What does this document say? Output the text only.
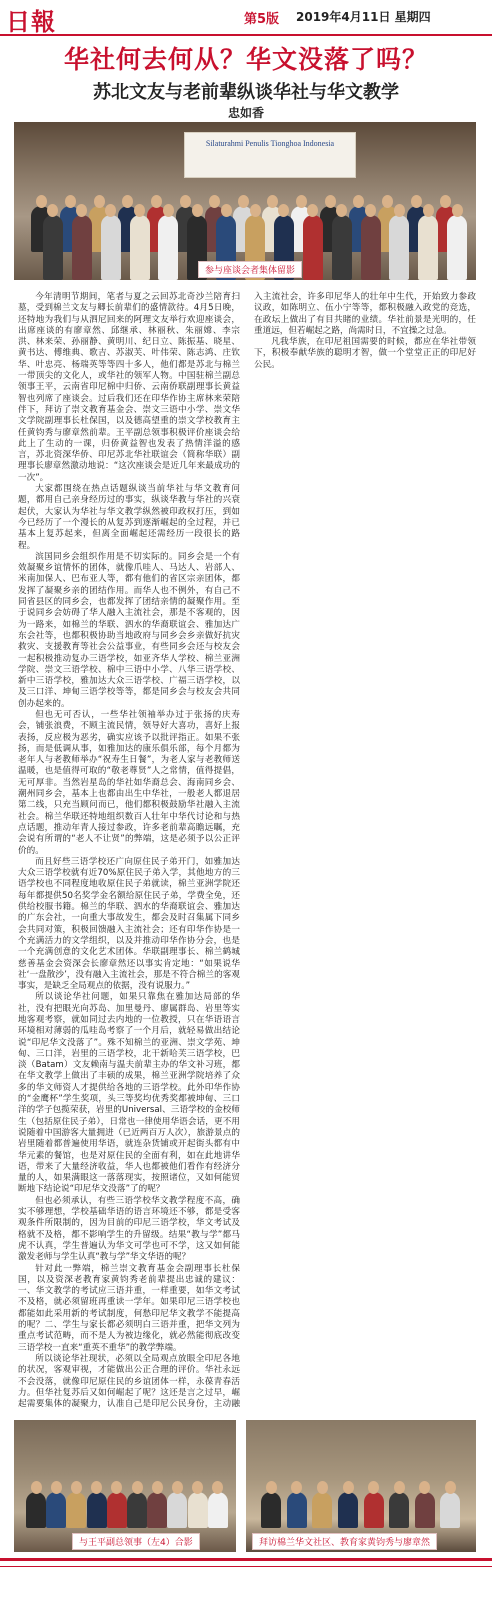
日報	第5版 2019年4月11日 星期四
华社何去何从？华文没落了吗？
苏北文友与老前辈纵谈华社与华文教学
忠如香
Silaturahmi Penulis Tionghoa Indonesia
参与座谈会者集体留影

今年清明节期间，笔者与夏之云回苏北奇沙兰陪育扫墓，受到棉兰文友与卿长前辈们的盛情款待。4月5日晚，还特地为我们与从泗尼回来的阿理文友举行欢迎座谈会，出席座谈的有廖章然、邱继承、林丽秋、朱丽嫦、李宗洪、林来荣、孙丽静、黄明川、纪日立、陈振基、晓星、黄书达、傅维典、歌吉、苏淑芙、叶伟荣、陈志鸿、庄钦华、叶忠亮、杨瑞英等等四十多人，他们都是苏北与棉兰一带顶尖的文化人，或华社的领军人物。中国驻棉兰副总领事王平，云南省印尼棉中归侨、云南侨联副理事长黄益智也列席了座谈会。过后我们还在印华作协主席林来荣陪伴下，拜访了崇文教育基金会、崇文三语中小学、崇文华文学院副理事长杜保国，以及德高望重的崇文学校教育主任黄钧秀与廖章然前辈。王平副总领事积极评价座谈会给此上了生动的一课，归侨黄益智也发表了热情洋溢的感言，苏北资深华侨、印尼苏北华社联谊会（简称华联）副理事长廖章然激动地说：“这次座谈会是近几年来最成功的一次”。

大家都围绕在热点话题纵谈当前华社与华文教育问题，都用自己亲身经历过的事实，纵谈华教与华社的兴衰起伏，大家认为华社与华文教学纵然被印政权打压，到如今已经历了一个漫长的从复苏到逐渐崛起的全过程，并已基本上复苏起来，但离全面崛起还需经历一段很长的路程。

滨国同乡会组织作用是不切实际的。同乡会是一个有效凝聚乡谊情怀的团体，就像爪哇人、马达人、岩部人、米南加保人、巴布亚人等，都有他们的省区宗亲团体，都发挥了凝聚乡亲的团结作用。而华人也不例外，有自己不同省县区的同乡会，也都发挥了团结亲情的凝聚作用。至于说同乡会妨碍了华人融入主流社会，那是不客观的，因为一路来，如棉兰的华联、泗水的华裔联谊会、雅加达广东会社等，也都积极协助当地政府与同乡会乡亲做好抗灾救灾、支援教育等社会公益事业，有些同乡会还与校友会一起积极推动复办三语学校，如亚齐华人学校、棉兰亚洲学院、崇文三语学校、棉中三语中小学、八华三语学校、新中三语学校，雅加达大众三语学校、广福三语学校，以及三口洋、坤甸三语学校等等，都是同乡会与校友会共同创办起来的。

但也无可否认，一些华社领袖举办过于张扬的庆寿会，铺张浪费，不顾主流民情，领导好大喜功，喜好上报表扬，反应极为恶劣，确实应该予以批评指正。如果不张扬，而是低调从事，如雅加达的康乐俱乐部，每个月都为老年人与老教师举办“祝寿生日餐”，为老人家与老教师送温暖，也是值得可取的“敬老尊贤”人之常情，值得提倡，无可厚非。当然岩星岛的华社如华裔总会、海南同乡会、潮州同乡会，基本上也都由出生中华社，一般老人都退居第二线，只充当顾问而已，他们都积极鼓励华社融入主流社会。棉兰华联还特地组织数百人壮年中华代讨论和与热点话题，推动年青人接过参政，许多老前辈高瞻远瞩，充会说有所谓的“老人不让贤”的弊端，这是必须予以公正评价的。

而且好些三语学校还广向原住民子弟开门，如雅加达大众三语学校就有近70%原住民子弟入学，其他地方的三语学校也不同程度地收原住民子弟就读，棉兰亚洲学院还每年都提供50名奖学金名额给原住民子弟，学费全免，还供给校服书籍。棉兰的华联、泗水的华裔联谊会、雅加达的广东会社，一向重大事故发生，都会及时召集属下同乡会共同对策，积极回馈融入主流社会；还有印华作协是一个充满活力的文学组织，以及并推动印华作协分会，也是一个充满创意的文化艺术团体。华联副理事长、棉兰鹤城慈善基金会资深会长廖章然还以事实肯定地：“如果说华社‘一盘散沙’，没有融入主流社会，那是不符合棉兰的客观事实，是缺乏全局观点的依据，没有说服力。”

所以谈论华社问题，如果只靠焦在雅加达局部的华社，没有把眼光向苏岛、加里曼丹、廖属群岛、岩里等实地客观考察，就如同过去内地的一位教授，只在华语语言环境相对薄弱的瓜哇岛考察了一个月后，就轻易做出结论说“印尼华文没落了”。殊不知棉兰的亚洲、崇文学苑、坤甸、三口洋，岩里的三语学校，北干新哈芙三语学校，巴淡（Batam）文友赖南与温夫前辈主办的华文补习班，都在华文教学上做出了丰硕的成果，棉兰亚洲学院培养了众多的华文师资人才提供给各地的三语学校。此外印华作协的“金鹰杯”学生奖项，头三等奖均优秀奖都被坤甸、三口洋的学子包揽荣获，岩里的Universal、三语学校的金校师生（包括原住民子弟），日常也一律使用华语会话，更不用说随着中国游客大量拥进（已近两百万人次），旅游景点的岩里随着都普遍使用华语，就连杂货铺或开起街头都有中华元素的餐馆，也是对原住民的全面有利，如在此地讲华语，带来了大量经济收益，华人也都被他们看作有经济分量的人，如果满眼这一落落现实，按照诸位，又如何能贸断地下结论说“印尼华文没落”了的呢？

但也必须承认，有些三语学校华文教学程度不高，确实不够理想，学校基础华语的语言环境还不够，都是受客观条件所限制的，因为目前的印尼三语学校，华文考试及格就不及格，都不影响学生的升留级。结果“教与学”都马虎不认真，学生普遍认为华文可学也可不学，这又如何能激发老师与学生认真“教与学”华文华语的呢？

针对此一弊端，棉兰崇文教育基金会副理事长杜保国，以及资深老教育家黄钧秀老前辈提出忠诚的建议：一、华文教学的考试应三语并重，一样重要，如华文考试不及格，就必须留班再重读一学年。如果印尼三语学校也都能如此采用新的考试制度，何愁印尼华文教学不能提高的呢？二、学生与家长都必须明白三语并重，把华文列为重点考试范畴，而不是人为被边缘化，就必然能彻底改变三语学校一直来“重英不重华”的教学弊端。

所以谈论华社现状，必须以全局观点放眼全印尼各地的状况，客观审视，才能做出公正合理的评价。华社永远不会没落，就像印尼原住民的乡谊团体一样，永葆青春活力。但华社复苏后又如何崛起了呢？这还是言之过早，崛起需要集体的凝聚力，认准自己是印尼公民身份，主动融入主流社会，许多印尼华人的壮年中生代，开始致力参政议政，如陈明立、伍小宁等等，都积极融入政党的竞选，在政坛上做出了有目共睹的业绩。华社前景是光明的，任重道远，但若崛起之路，尚需时日，不宜操之过急。

凡我华族，在印尼祖国需要的时候，都应在华社带领下，积极奉献华族的聪明才智，做一个堂堂正正的印尼好公民。

与王平副总领事（左4）合影	拜访棉兰华文社区、教育家黄钧秀与廖章然
